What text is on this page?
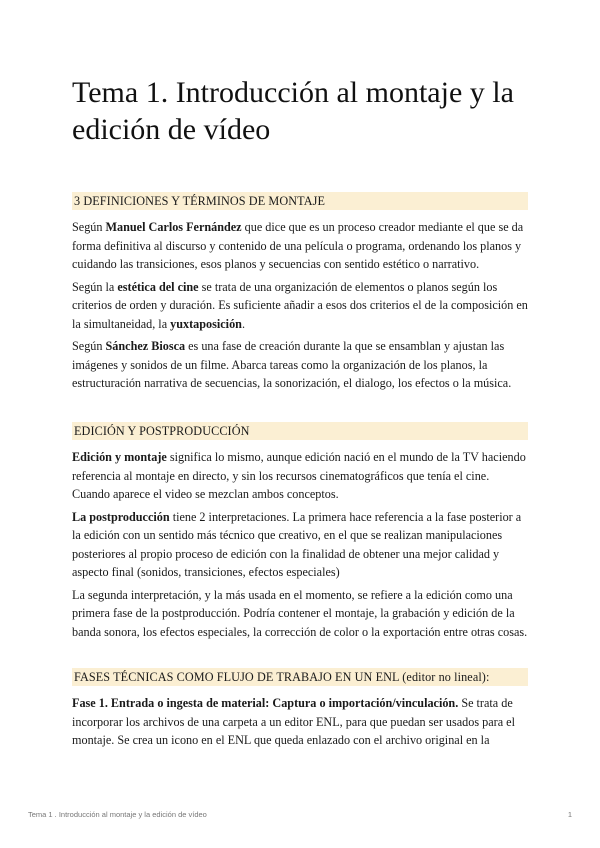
Tema 1. Introducción al montaje y la edición de vídeo

3 DEFINICIONES Y TÉRMINOS DE MONTAJE

Según Manuel Carlos Fernández que dice que es un proceso creador mediante el que se da forma definitiva al discurso y contenido de una película o programa, ordenando los planos y cuidando las transiciones, esos planos y secuencias con sentido estético o narrativo.

Según la estética del cine se trata de una organización de elementos o planos según los criterios de orden y duración. Es suficiente añadir a esos dos criterios el de la composición en la simultaneidad, la yuxtaposición.

Según Sánchez Biosca es una fase de creación durante la que se ensamblan y ajustan las imágenes y sonidos de un filme. Abarca tareas como la organización de los planos, la estructuración narrativa de secuencias, la sonorización, el dialogo, los efectos o la música.

EDICIÓN Y POSTPRODUCCIÓN

Edición y montaje significa lo mismo, aunque edición nació en el mundo de la TV haciendo referencia al montaje en directo, y sin los recursos cinematográficos que tenía el cine. Cuando aparece el video se mezclan ambos conceptos.

La postproducción tiene 2 interpretaciones. La primera hace referencia a la fase posterior a la edición con un sentido más técnico que creativo, en el que se realizan manipulaciones posteriores al propio proceso de edición con la finalidad de obtener una mejor calidad y aspecto final (sonidos, transiciones, efectos especiales)

La segunda interpretación, y la más usada en el momento, se refiere a la edición como una primera fase de la postproducción. Podría contener el montaje, la grabación y edición de la banda sonora, los efectos especiales, la corrección de color o la exportación entre otras cosas.

FASES TÉCNICAS COMO FLUJO DE TRABAJO EN UN ENL (editor no lineal):

Fase 1. Entrada o ingesta de material: Captura o importación/vinculación. Se trata de incorporar los archivos de una carpeta a un editor ENL, para que puedan ser usados para el montaje. Se crea un icono en el ENL que queda enlazado con el archivo original en la

Tema 1 . Introducción al montaje y la edición de vídeo	1
